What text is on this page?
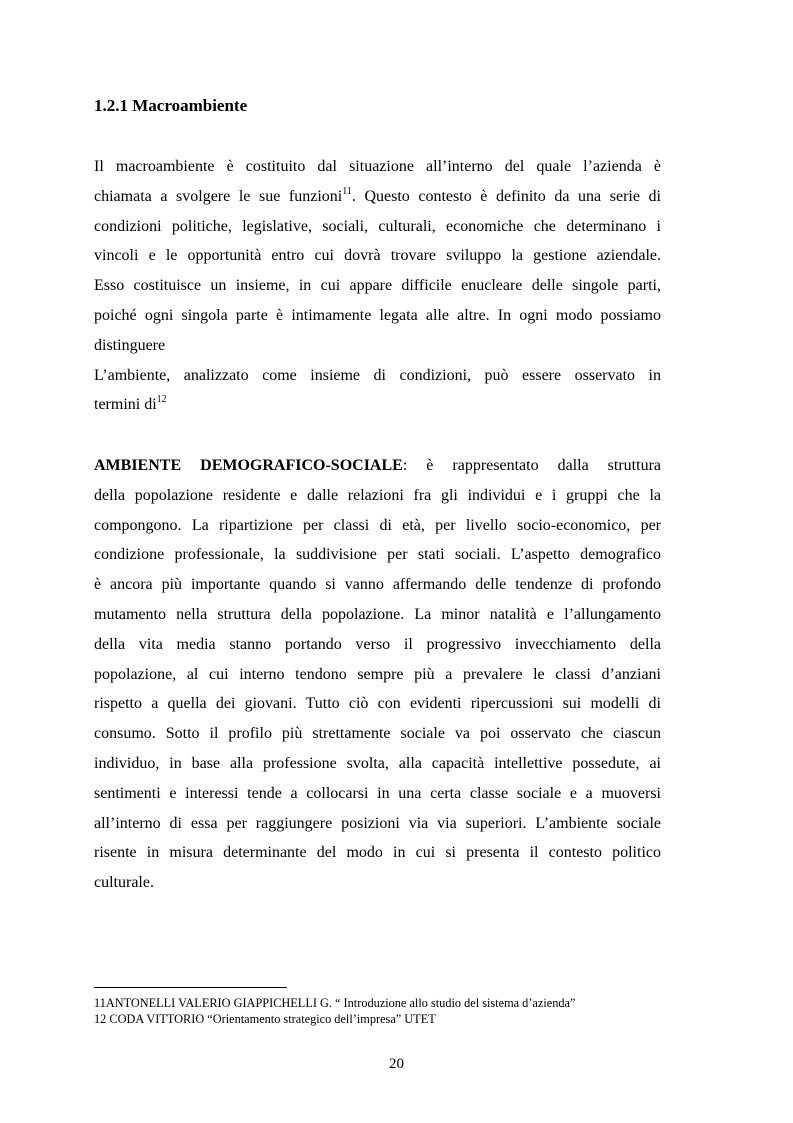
1.2.1 Macroambiente
Il macroambiente è costituito dal situazione all’interno del quale l’azienda è
chiamata a svolgere le sue funzioni$^{11}$. Questo contesto è definito da una serie di
condizioni politiche, legislative, sociali, culturali, economiche che determinano i
vincoli e le opportunità entro cui dovrà trovare sviluppo la gestione aziendale.
Esso costituisce un insieme, in cui appare difficile enucleare delle singole parti,
poiché ogni singola parte è intimamente legata alle altre. In ogni modo possiamo
distinguere
L’ambiente, analizzato come insieme di condizioni, può essere osservato in
termini $di^{12}$
AMBIENTE DEMOGRAFICO-SOCIALE: è rappresentato dalla struttura
della popolazione residente e dalle relazioni fra gli individui e i gruppi che la
compongono. La ripartizione per classi di età, per livello socio-economico, per
condizione professionale, la suddivisione per stati sociali. L’aspetto demografico
è ancora più importante quando si vanno affermando delle tendenze di profondo
mutamento nella struttura della popolazione. La minor natalità e l’allungamento
della vita media stanno portando verso il progressivo invecchiamento della
popolazione, al cui interno tendono sempre più a prevalere le classi d’anziani
rispetto a quella dei giovani. Tutto ciò con evidenti ripercussioni sui modelli di
consumo. Sotto il profilo più strettamente sociale va poi osservato che ciascun
individuo, in base alla professione svolta, alla capacità intellettive possedute, ai
sentimenti e interessi tende a collocarsi in una certa classe sociale e a muoversi
all’interno di essa per raggiungere posizioni via via superiori. L’ambiente sociale
risente in misura determinante del modo in cui si presenta il contesto politico
culturale.
11ANTONELLI VALERIO GIAPPICHELLI G. “ Introduzione allo studio del sistema d’azienda”
12 CODA VITTORIO “Orientamento strategico dell’impresa” UTET
20
